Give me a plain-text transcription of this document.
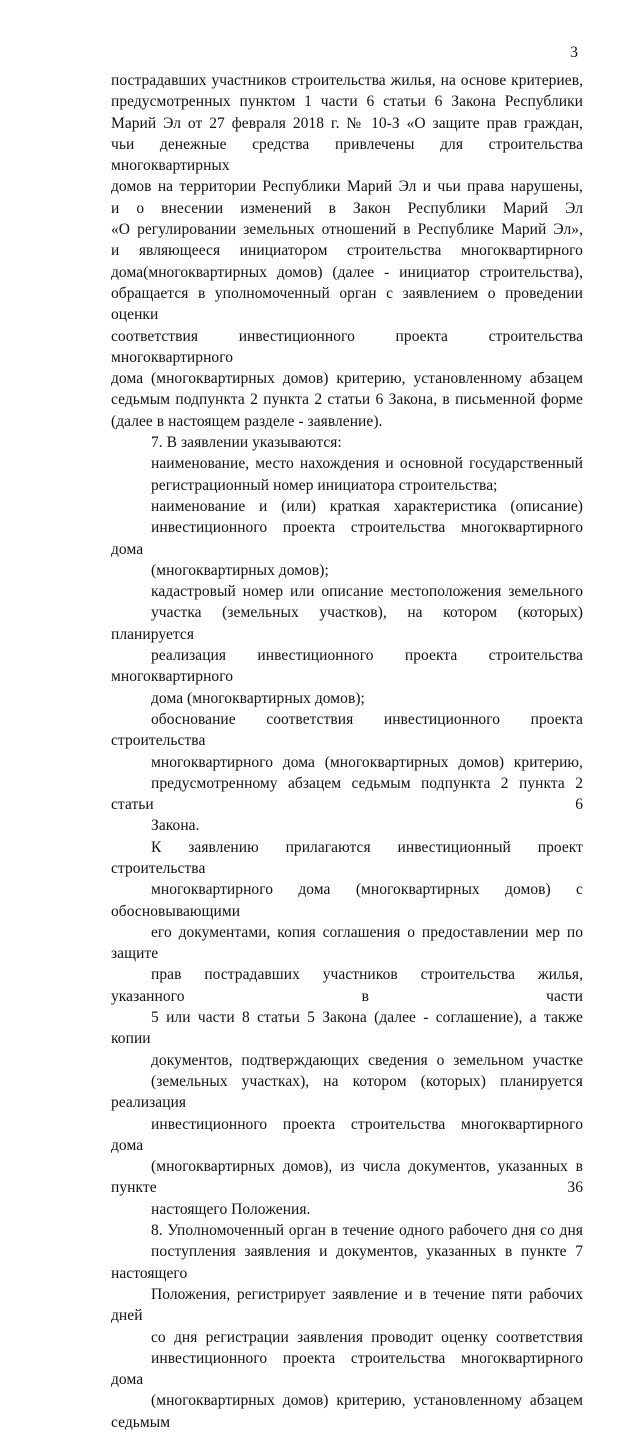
3
пострадавших участников строительства жилья, на основе критериев,
предусмотренных пунктом 1 части 6 статьи 6 Закона Республики
Марий Эл от 27 февраля 2018 г. № 10-З «О защите прав граждан,
чьи денежные средства привлечены для строительства многоквартирных
домов на территории Республики Марий Эл и чьи права нарушены,
и о внесении изменений в Закон Республики Марий Эл
«О регулировании земельных отношений в Республике Марий Эл»,
и являющееся инициатором строительства многоквартирного
дома(многоквартирных домов) (далее - инициатор строительства),
обращается в уполномоченный орган с заявлением о проведении оценки
соответствия инвестиционного проекта строительства многоквартирного
дома (многоквартирных домов) критерию, установленному абзацем
седьмым подпункта 2 пункта 2 статьи 6 Закона, в письменной форме
(далее в настоящем разделе - заявление).
7. В заявлении указываются:
наименование, место нахождения и основной государственный
регистрационный номер инициатора строительства;
наименование и (или) краткая характеристика (описание)
инвестиционного проекта строительства многоквартирного дома
(многоквартирных домов);
кадастровый номер или описание местоположения земельного
участка (земельных участков), на котором (которых) планируется
реализация инвестиционного проекта строительства многоквартирного
дома (многоквартирных домов);
обоснование соответствия инвестиционного проекта строительства
многоквартирного дома (многоквартирных домов) критерию,
предусмотренному абзацем седьмым подпункта 2 пункта 2 статьи 6
Закона.
К заявлению прилагаются инвестиционный проект строительства
многоквартирного дома (многоквартирных домов) с обосновывающими
его документами, копия соглашения о предоставлении мер по защите
прав пострадавших участников строительства жилья, указанного в части
5 или части 8 статьи 5 Закона (далее - соглашение), а также копии
документов, подтверждающих сведения о земельном участке
(земельных участках), на котором (которых) планируется реализация
инвестиционного проекта строительства многоквартирного дома
(многоквартирных домов), из числа документов, указанных в пункте 36
настоящего Положения.
8. Уполномоченный орган в течение одного рабочего дня со дня
поступления заявления и документов, указанных в пункте 7 настоящего
Положения, регистрирует заявление и в течение пяти рабочих дней
со дня регистрации заявления проводит оценку соответствия
инвестиционного проекта строительства многоквартирного дома
(многоквартирных домов) критерию, установленному абзацем седьмым
